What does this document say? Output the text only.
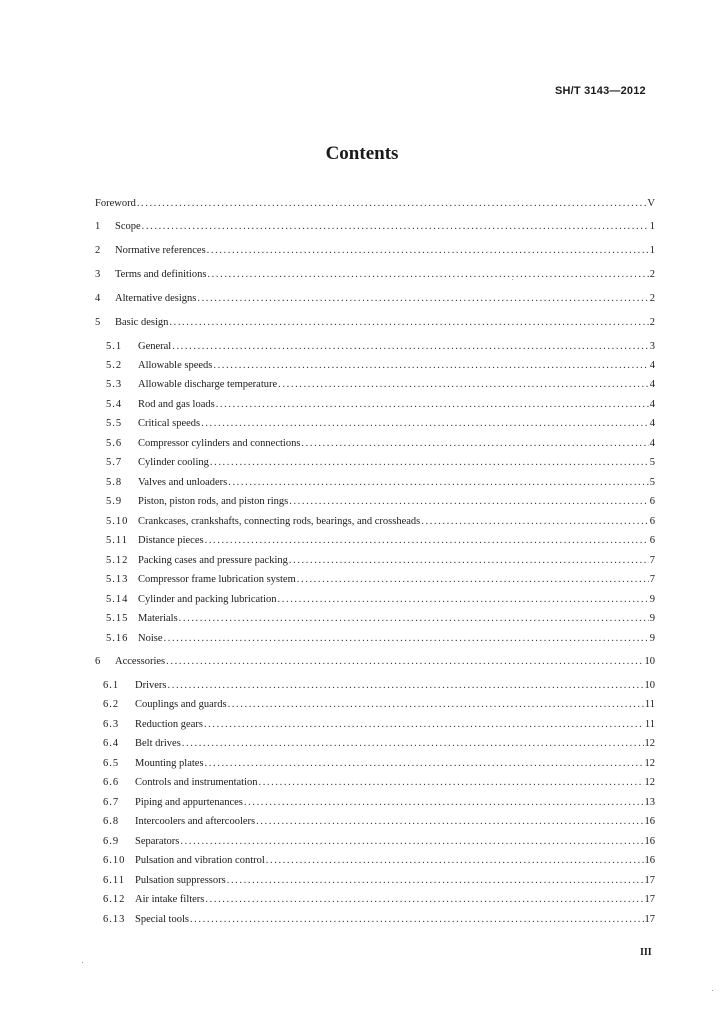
SH/T 3143—2012
Contents
Foreword .....	V
1	Scope .....	1
2	Normative references .....	1
3	Terms and definitions .....	2
4	Alternative designs .....	2
5	Basic design .....	2
5.1	General .....	3
5.2	Allowable speeds .....	4
5.3	Allowable discharge temperature .....	4
5.4	Rod and gas loads .....	4
5.5	Critical speeds .....	4
5.6	Compressor cylinders and connections .....	4
5.7	Cylinder cooling .....	5
5.8	Valves and unloaders .....	5
5.9	Piston, piston rods, and piston rings .....	6
5.10 Crankcases, crankshafts, connecting rods, bearings, and crossheads .....	6
5.11 Distance pieces .....	6
5.12 Packing cases and pressure packing .....	7
5.13 Compressor frame lubrication system .....	7
5.14 Cylinder and packing lubrication .....	9
5.15 Materials .....	9
5.16 Noise .....	9
6	Accessories .....	10
6.1	Drivers .....	10
6.2	Couplings and guards .....	11
6.3	Reduction gears .....	11
6.4	Belt drives .....	12
6.5	Mounting plates .....	12
6.6	Controls and instrumentation .....	12
6.7	Piping and appurtenances .....	13
6.8	Intercoolers and aftercoolers .....	16
6.9	Separators .....	16
6.10 Pulsation and vibration control .....	16
6.11 Pulsation suppressors .....	17
6.12 Air intake filters .....	17
6.13 Special tools .....	17
III
